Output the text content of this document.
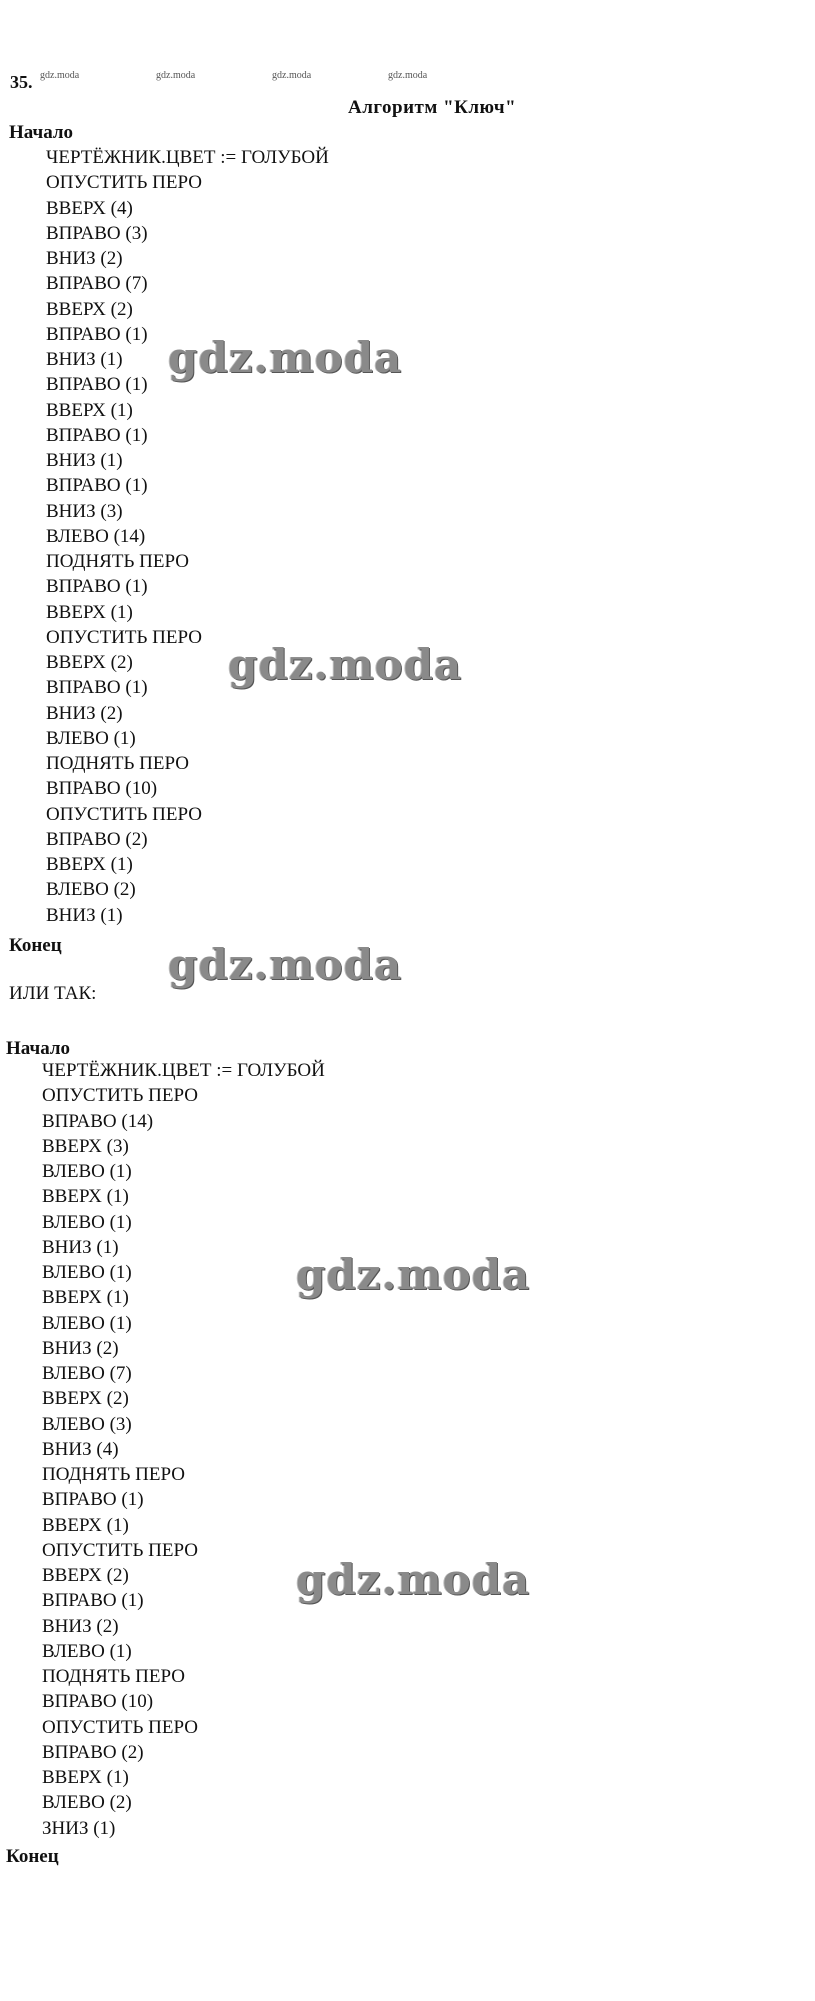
35. gdz.moda	gdz.moda	gdz.moda	gdz.moda
Алгоритм "Ключ"
Начало
ЧЕРТЁЖНИК.ЦВЕТ := ГОЛУБОЙ
ОПУСТИТЬ ПЕРО
ВВЕРХ (4)
ВПРАВО (3)
ВНИЗ (2)
ВПРАВО (7)
ВВЕРХ (2)
ВПРАВО (1)
ВНИЗ (1)
ВПРАВО (1)
ВВЕРХ (1)
ВПРАВО (1)
ВНИЗ (1)
ВПРАВО (1)
ВНИЗ (3)
ВЛЕВО (14)
ПОДНЯТЬ ПЕРО
ВПРАВО (1)
ВВЕРХ (1)
ОПУСТИТЬ ПЕРО
ВВЕРХ (2)
ВПРАВО (1)
ВНИЗ (2)
ВЛЕВО (1)
ПОДНЯТЬ ПЕРО
ВПРАВО (10)
ОПУСТИТЬ ПЕРО
ВПРАВО (2)
ВВЕРХ (1)
ВЛЕВО (2)
ВНИЗ (1)
Конец
ИЛИ ТАК:
Начало
ЧЕРТЁЖНИК.ЦВЕТ := ГОЛУБОЙ
ОПУСТИТЬ ПЕРО
ВПРАВО (14)
ВВЕРХ (3)
ВЛЕВО (1)
ВВЕРХ (1)
ВЛЕВО (1)
ВНИЗ (1)
ВЛЕВО (1)
ВВЕРХ (1)
ВЛЕВО (1)
ВНИЗ (2)
ВЛЕВО (7)
ВВЕРХ (2)
ВЛЕВО (3)
ВНИЗ (4)
ПОДНЯТЬ ПЕРО
ВПРАВО (1)
ВВЕРХ (1)
ОПУСТИТЬ ПЕРО
ВВЕРХ (2)
ВПРАВО (1)
ВНИЗ (2)
ВЛЕВО (1)
ПОДНЯТЬ ПЕРО
ВПРАВО (10)
ОПУСТИТЬ ПЕРО
ВПРАВО (2)
ВВЕРХ (1)
ВЛЕВО (2)
ЗНИЗ (1)
Конец
gdz.moda
gdz.moda
gdz.moda
gdz.moda
gdz.moda
